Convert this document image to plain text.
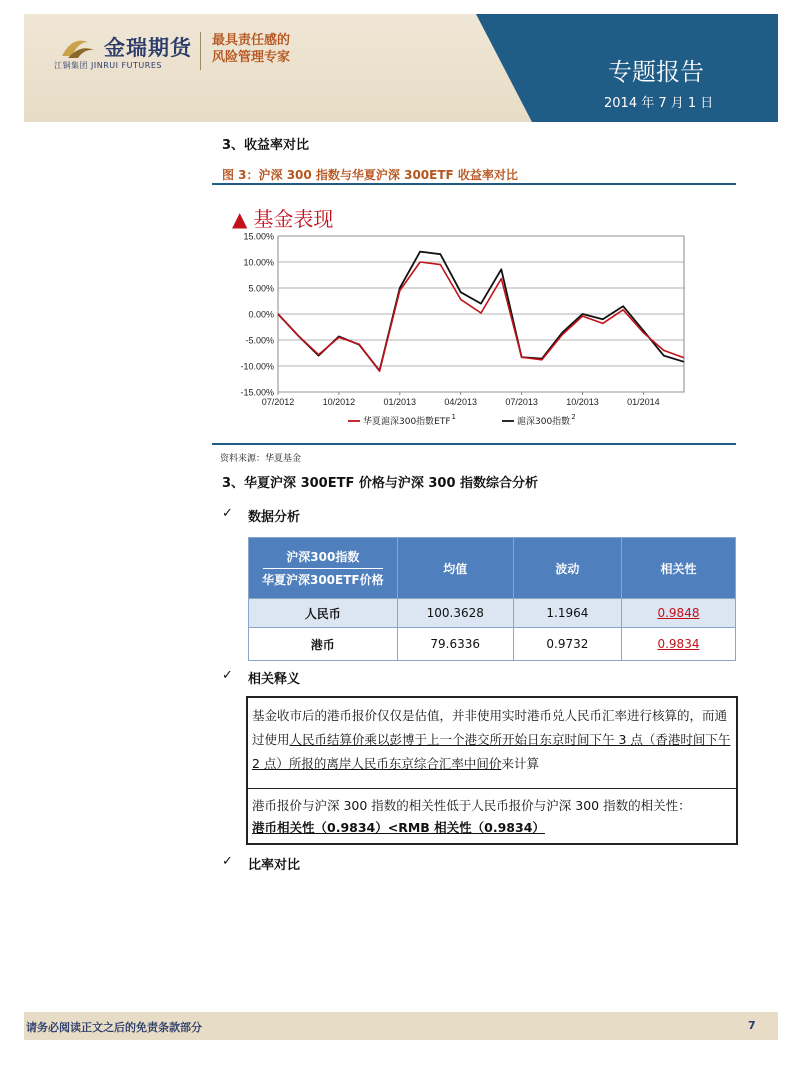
金瑞期货
江铜集团 JINRUI FUTURES
最具责任感的
风险管理专家
专题报告
2014 年 7 月 1 日
3、收益率对比
图 3：沪深 300 指数与华夏沪深 300ETF 收益率对比
▲ 基金表现
15.00%
10.00%
5.00%
0.00%
-5.00%
-10.00%
-15.00%
07/2012	10/2012	01/2013	04/2013	07/2013	10/2013	01/2014
华夏滬深300指數ETF 1	滬深300指數 2
资料来源：华夏基金
3、华夏沪深 300ETF 价格与沪深 300 指数综合分析
✓ 数据分析
沪深300指数
华夏沪深300ETF价格	均值	波动	相关性
人民币	100.3628	1.1964	0.9848
港币	79.6336	0.9732	0.9834
✓ 相关释义
基金收市后的港币报价仅仅是估值，并非使用实时港币兑人民币汇率进行核算的，而通过使用人民币结算价乘以彭博于上一个港交所开始日东京时间下午 3 点（香港时间下午 2 点）所报的离岸人民币东京综合汇率中间价来计算
港币报价与沪深 300 指数的相关性低于人民币报价与沪深 300 指数的相关性：
港币相关性（0.9834）<RMB 相关性（0.9834）
✓ 比率对比
请务必阅读正文之后的免责条款部分	7
